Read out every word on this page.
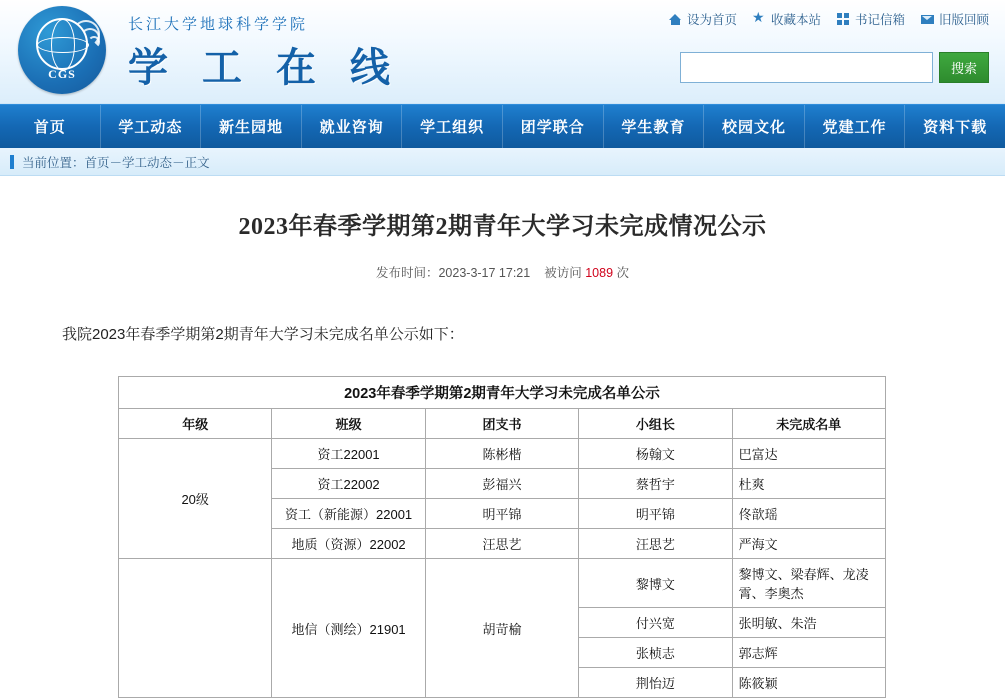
CGS
长江大学地球科学学院
学 工 在 线
设为首页 ★	收藏本站	书记信箱	旧版回顾
搜索
首页	学工动态	新生园地	就业咨询	学工组织	团学联合	学生教育	校园文化	党建工作	资料下载
当前位置： 首页 － 学工动态 － 正文
2023年春季学期第2期青年大学习未完成情况公示
发布时间：2023-3-17 17:21 被访问 1089 次
我院2023年春季学期第2期青年大学习未完成名单公示如下：
2023年春季学期第2期青年大学习未完成名单公示				
年级	班级	团支书	小组长	未完成名单
20级	资工22001	陈彬楷	杨翰文	巴富达
	资工22002	彭福兴	蔡哲宇	杜爽
	资工（新能源）22001	明平锦	明平锦	佟歆瑶
	地质（资源）22002	汪思艺	汪思艺	严海文
	地信（测绘）21901	胡苛榆	黎博文	黎博文、梁春辉、龙凌霄、李奥杰
			付兴宽	张明敏、朱浩
			张桢志	郭志辉
			荆怡迈	陈筱颖
